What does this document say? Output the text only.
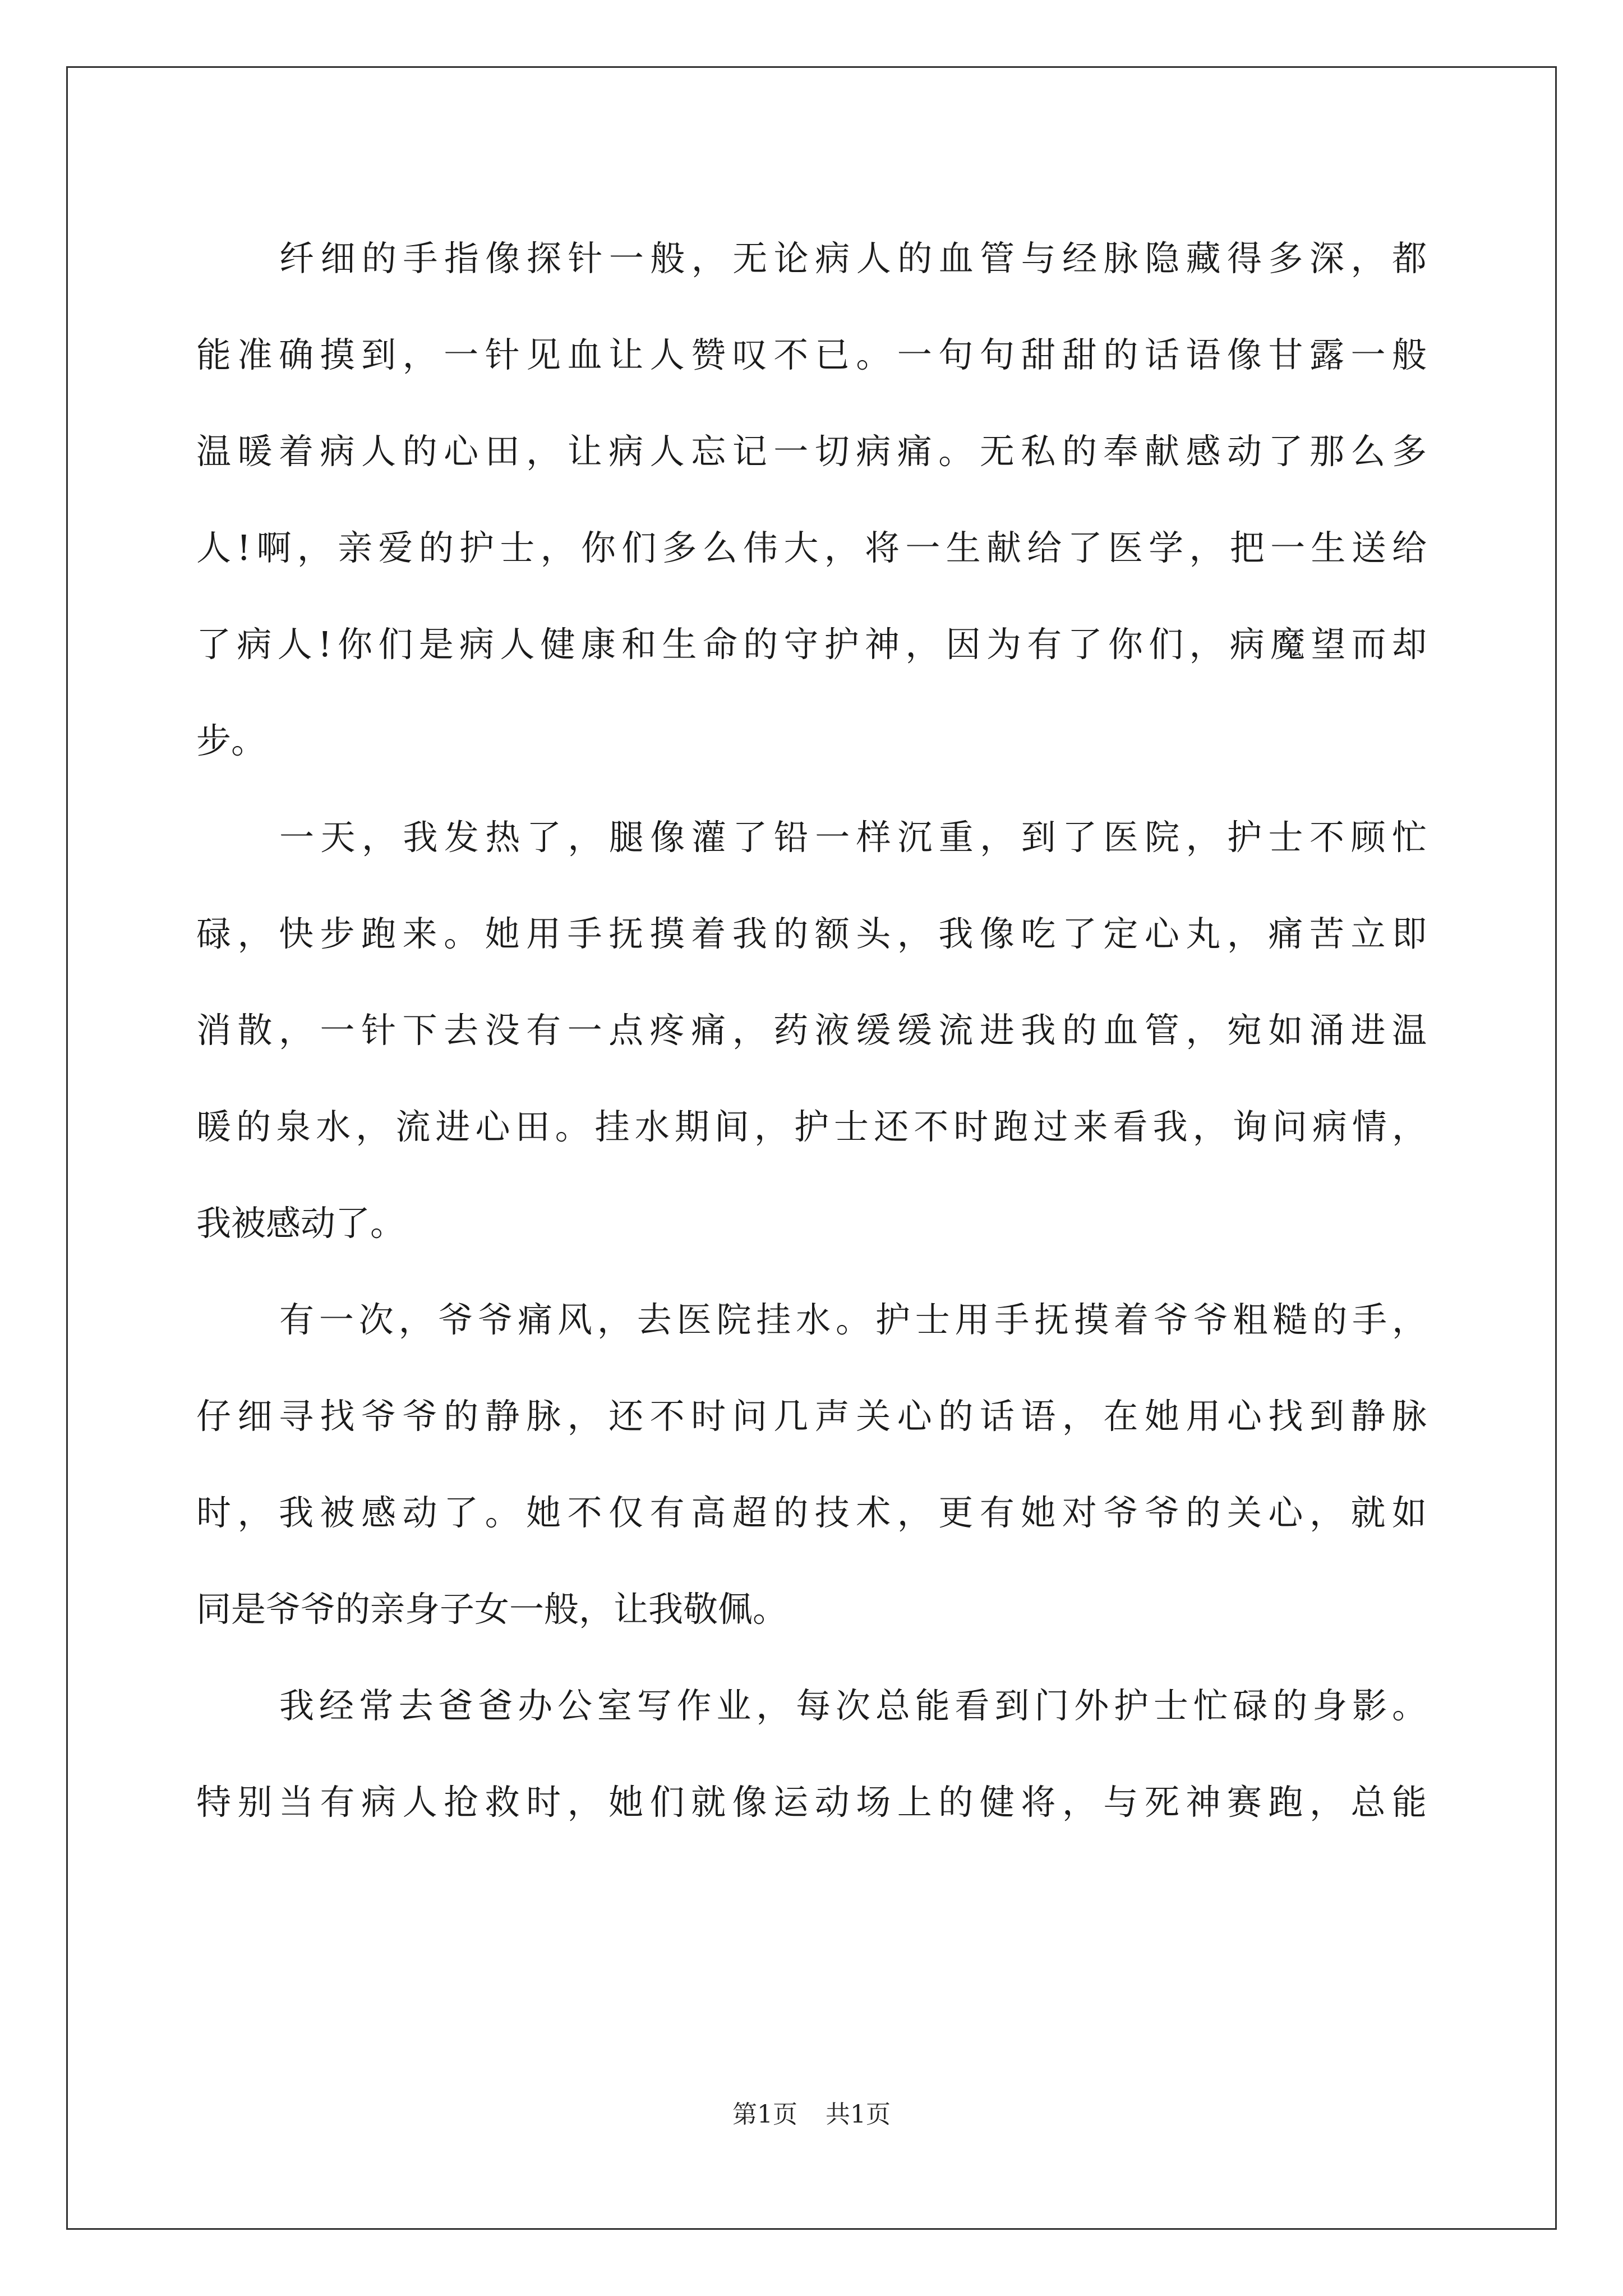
纤细的手指像探针一般，无论病人的血管与经脉隐藏得多深，都
能准确摸到，一针见血让人赞叹不已。一句句甜甜的话语像甘露一般
温暖着病人的心田，让病人忘记一切病痛。无私的奉献感动了那么多
人!啊，亲爱的护士，你们多么伟大，将一生献给了医学，把一生送给
了病人!你们是病人健康和生命的守护神，因为有了你们，病魔望而却
步。
一天，我发热了，腿像灌了铅一样沉重，到了医院，护士不顾忙
碌，快步跑来。她用手抚摸着我的额头，我像吃了定心丸，痛苦立即
消散，一针下去没有一点疼痛，药液缓缓流进我的血管，宛如涌进温
暖的泉水，流进心田。挂水期间，护士还不时跑过来看我，询问病情，
我被感动了。
有一次，爷爷痛风，去医院挂水。护士用手抚摸着爷爷粗糙的手，
仔细寻找爷爷的静脉，还不时问几声关心的话语，在她用心找到静脉
时，我被感动了。她不仅有高超的技术，更有她对爷爷的关心，就如
同是爷爷的亲身子女一般，让我敬佩。
我经常去爸爸办公室写作业，每次总能看到门外护士忙碌的身影。
特别当有病人抢救时，她们就像运动场上的健将，与死神赛跑，总能
第1页 共1页
